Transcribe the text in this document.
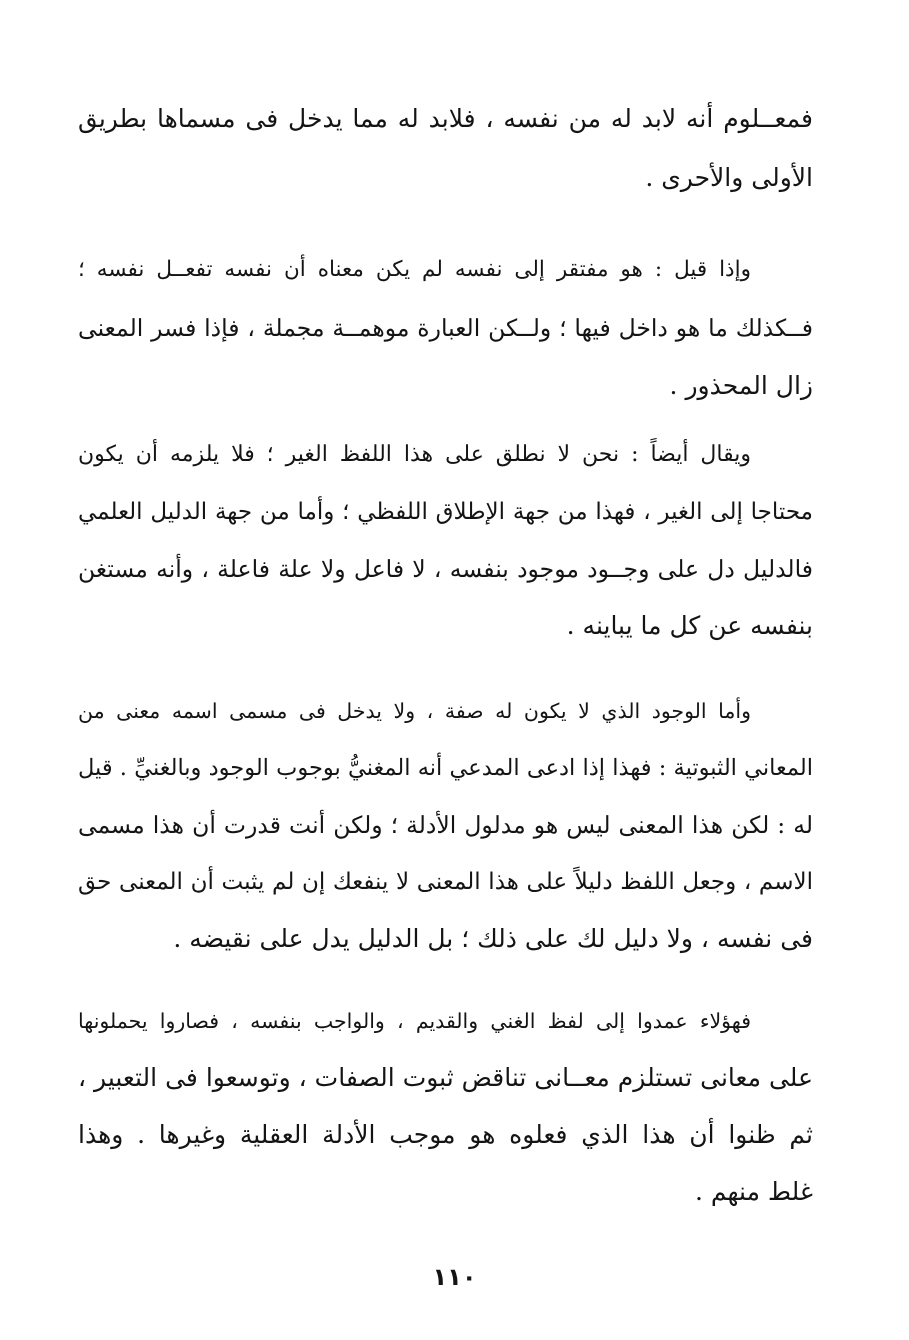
فمعــلوم أنه لابد له من نفسه ، فلابد له مما يدخل فى مسماها بطريق
الأولى والأحرى .
وإذا قيل : هو مفتقر إلى نفسه لم يكن معناه أن نفسه تفعــل نفسه ؛
فــكذلك ما هو داخل فيها ؛ ولــكن العبارة موهمــة مجملة ، فإذا فسر المعنى
زال المحذور .
ويقال أيضاً : نحن لا نطلق على هذا اللفظ الغير ؛ فلا يلزمه أن يكون
محتاجا إلى الغير ، فهذا من جهة الإطلاق اللفظي ؛ وأما من جهة الدليل العلمي
فالدليل دل على وجــود موجود بنفسه ، لا فاعل ولا علة فاعلة ، وأنه مستغن
بنفسه عن كل ما يباينه .
وأما الوجود الذي لا يكون له صفة ، ولا يدخل فى مسمى اسمه معنى من
المعاني الثبوتية : فهذا إذا ادعى المدعي أنه المغنيُّ بوجوب الوجود وبالغنيِّ . قيل
له : لكن هذا المعنى ليس هو مدلول الأدلة ؛ ولكن أنت قدرت أن هذا مسمى
الاسم ، وجعل اللفظ دليلاً على هذا المعنى لا ينفعك إن لم يثبت أن المعنى حق
فى نفسه ، ولا دليل لك على ذلك ؛ بل الدليل يدل على نقيضه .
فهؤلاء عمدوا إلى لفظ الغني والقديم ، والواجب بنفسه ، فصاروا يحملونها
على معانى تستلزم معــانى تناقض ثبوت الصفات ، وتوسعوا فى التعبير ،
ثم ظنوا أن هذا الذي فعلوه هو موجب الأدلة العقلية وغيرها . وهذا
غلط منهم .
١١٠
